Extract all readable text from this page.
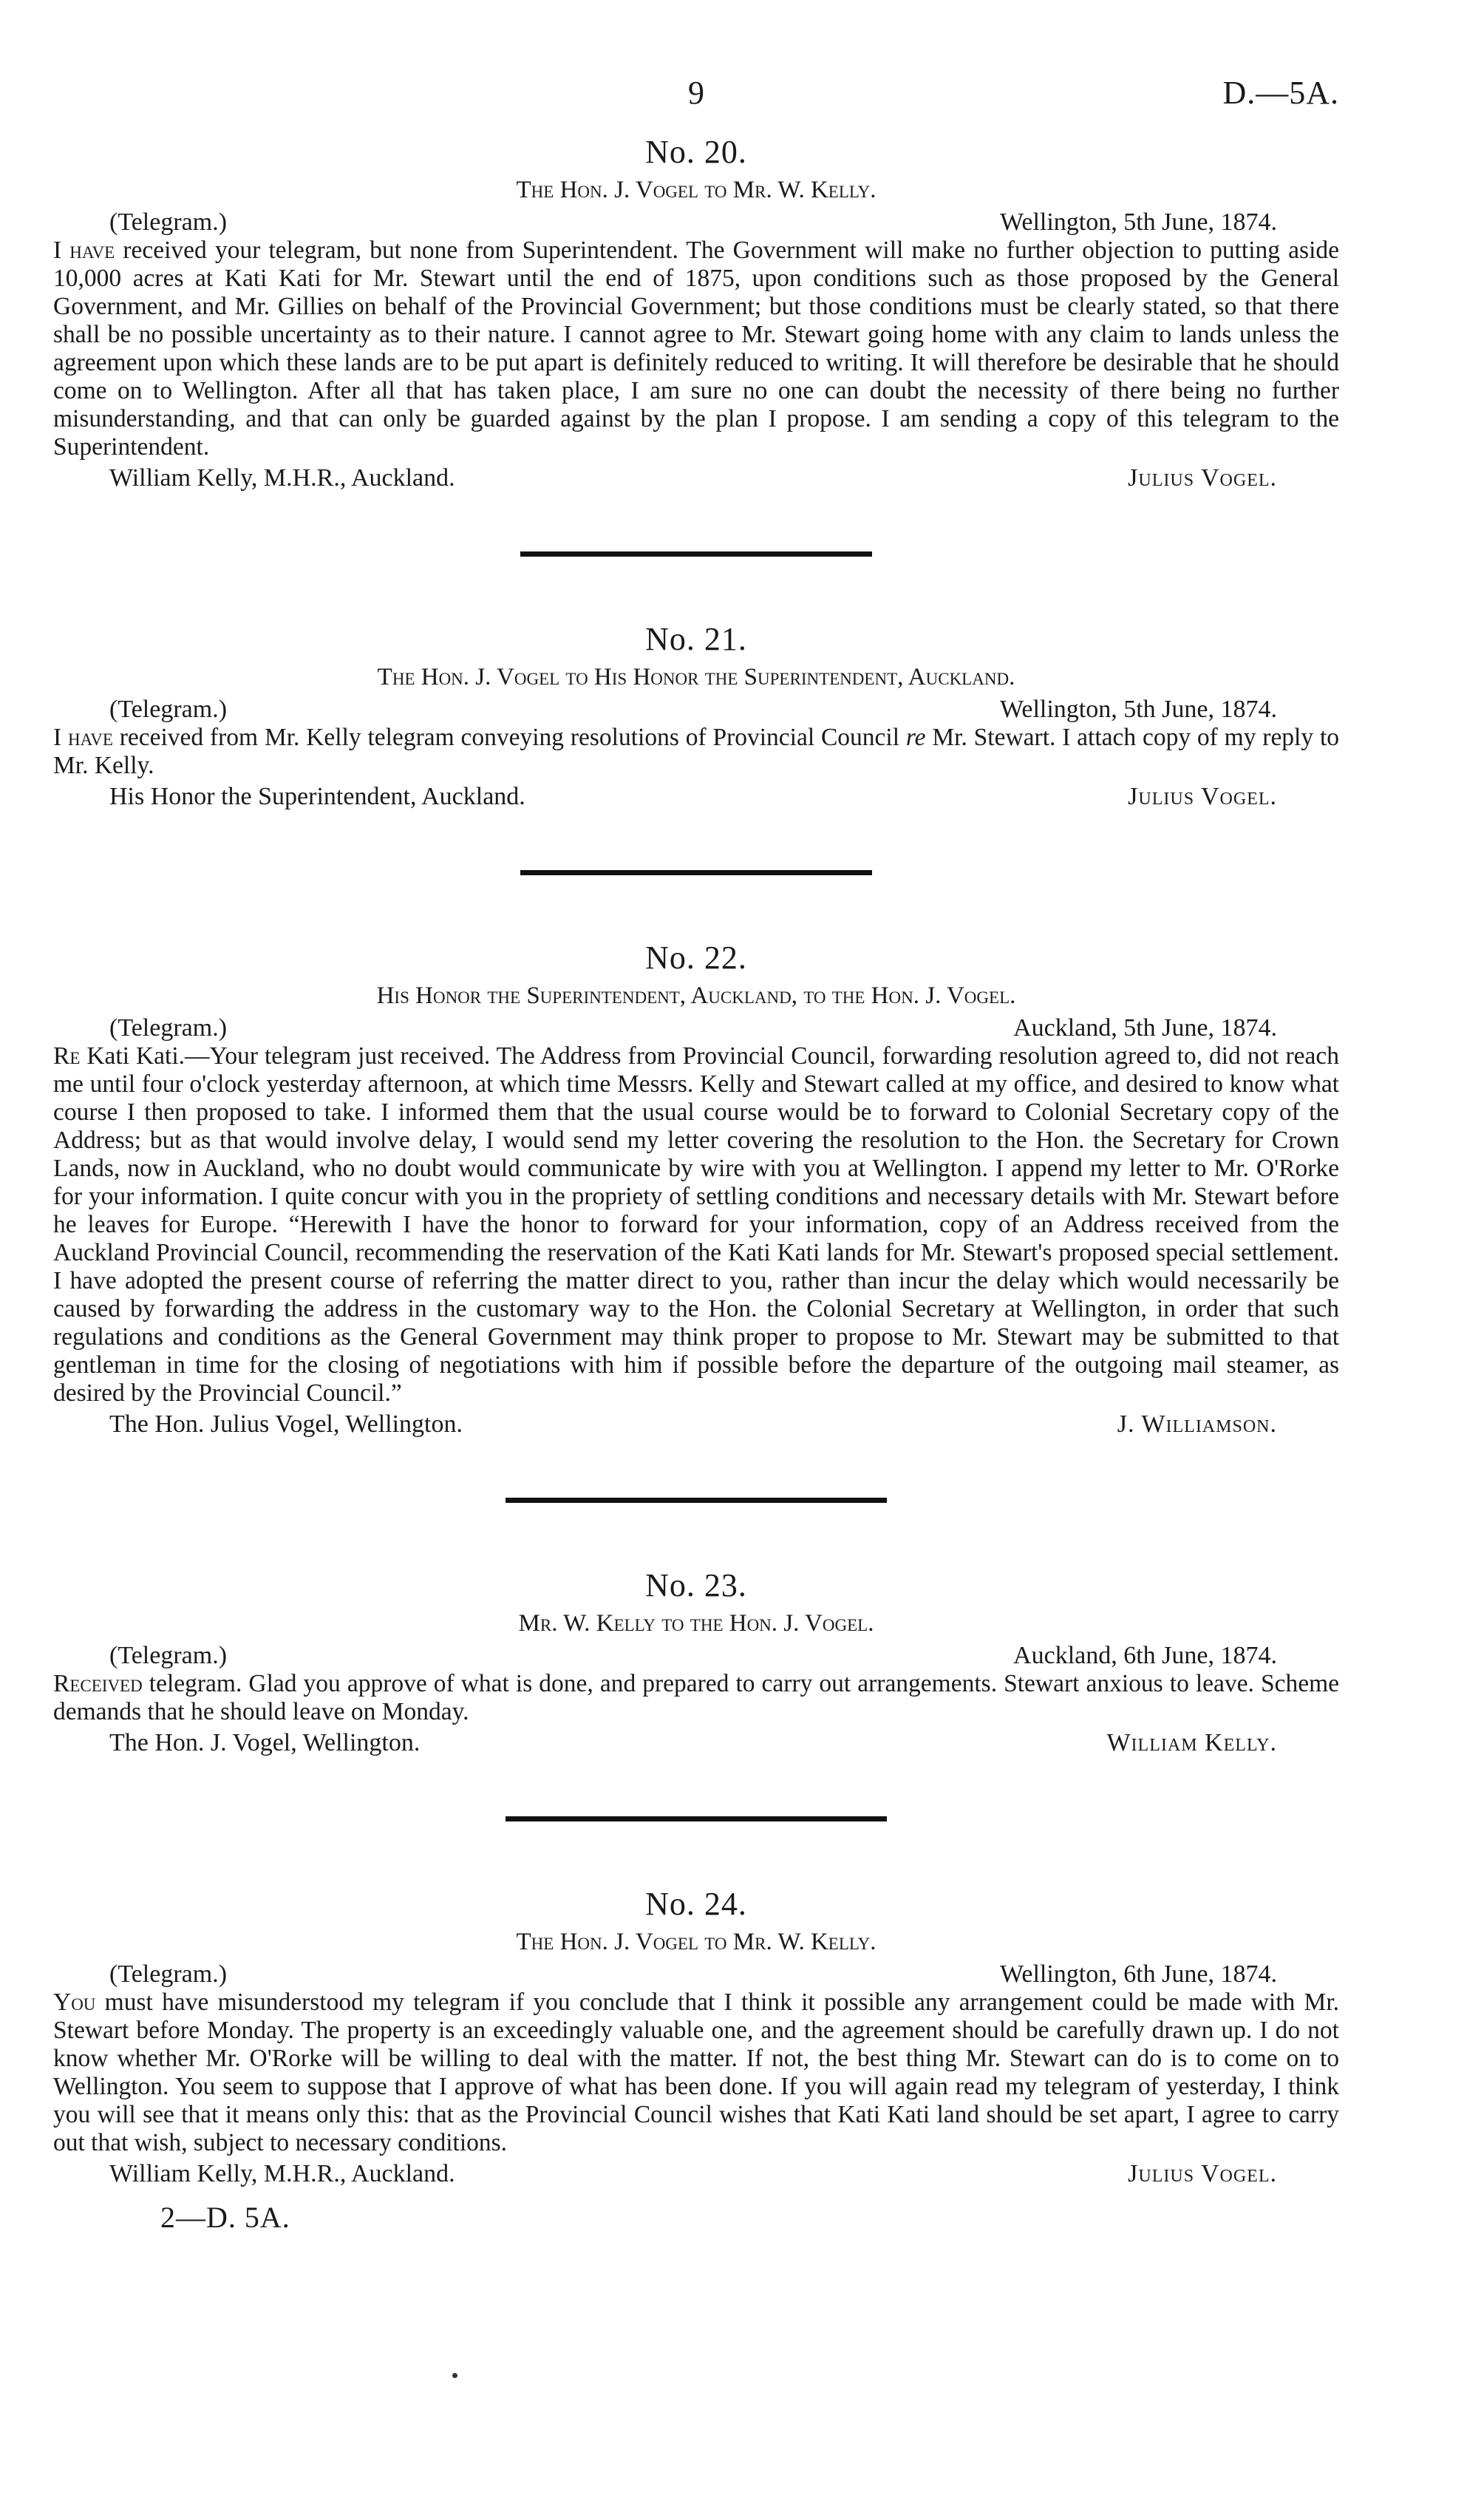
9	D.—5A.
No. 20.
The Hon. J. Vogel to Mr. W. Kelly.
(Telegram.)	Wellington, 5th June, 1874.

I have received your telegram, but none from Superintendent. The Government will make no further objection to putting aside 10,000 acres at Kati Kati for Mr. Stewart until the end of 1875, upon conditions such as those proposed by the General Government, and Mr. Gillies on behalf of the Provincial Government; but those conditions must be clearly stated, so that there shall be no possible uncertainty as to their nature. I cannot agree to Mr. Stewart going home with any claim to lands unless the agreement upon which these lands are to be put apart is definitely reduced to writing. It will therefore be desirable that he should come on to Wellington. After all that has taken place, I am sure no one can doubt the necessity of there being no further misunderstanding, and that can only be guarded against by the plan I propose. I am sending a copy of this telegram to the Superintendent.

William Kelly, M.H.R., Auckland.	Julius Vogel.
No. 21.
The Hon. J. Vogel to His Honor the Superintendent, Auckland.
(Telegram.)	Wellington, 5th June, 1874.

I have received from Mr. Kelly telegram conveying resolutions of Provincial Council re Mr. Stewart. I attach copy of my reply to Mr. Kelly.

His Honor the Superintendent, Auckland.	Julius Vogel.
No. 22.
His Honor the Superintendent, Auckland, to the Hon. J. Vogel.
(Telegram.)	Auckland, 5th June, 1874.

Re Kati Kati.—Your telegram just received. The Address from Provincial Council, forwarding resolution agreed to, did not reach me until four o'clock yesterday afternoon, at which time Messrs. Kelly and Stewart called at my office, and desired to know what course I then proposed to take. I informed them that the usual course would be to forward to Colonial Secretary copy of the Address; but as that would involve delay, I would send my letter covering the resolution to the Hon. the Secretary for Crown Lands, now in Auckland, who no doubt would communicate by wire with you at Wellington. I append my letter to Mr. O'Rorke for your information. I quite concur with you in the propriety of settling conditions and necessary details with Mr. Stewart before he leaves for Europe. “Herewith I have the honor to forward for your information, copy of an Address received from the Auckland Provincial Council, recommending the reservation of the Kati Kati lands for Mr. Stewart's proposed special settlement. I have adopted the present course of referring the matter direct to you, rather than incur the delay which would necessarily be caused by forwarding the address in the customary way to the Hon. the Colonial Secretary at Wellington, in order that such regulations and conditions as the General Government may think proper to propose to Mr. Stewart may be submitted to that gentleman in time for the closing of negotiations with him if possible before the departure of the outgoing mail steamer, as desired by the Provincial Council.”

The Hon. Julius Vogel, Wellington.	J. Williamson.
No. 23.
Mr. W. Kelly to the Hon. J. Vogel.
(Telegram.)	Auckland, 6th June, 1874.

Received telegram. Glad you approve of what is done, and prepared to carry out arrangements. Stewart anxious to leave. Scheme demands that he should leave on Monday.

The Hon. J. Vogel, Wellington.	William Kelly.
No. 24.
The Hon. J. Vogel to Mr. W. Kelly.
(Telegram.)	Wellington, 6th June, 1874.

You must have misunderstood my telegram if you conclude that I think it possible any arrangement could be made with Mr. Stewart before Monday. The property is an exceedingly valuable one, and the agreement should be carefully drawn up. I do not know whether Mr. O'Rorke will be willing to deal with the matter. If not, the best thing Mr. Stewart can do is to come on to Wellington. You seem to suppose that I approve of what has been done. If you will again read my telegram of yesterday, I think you will see that it means only this: that as the Provincial Council wishes that Kati Kati land should be set apart, I agree to carry out that wish, subject to necessary conditions.

William Kelly, M.H.R., Auckland.	Julius Vogel.
2—D. 5A.
